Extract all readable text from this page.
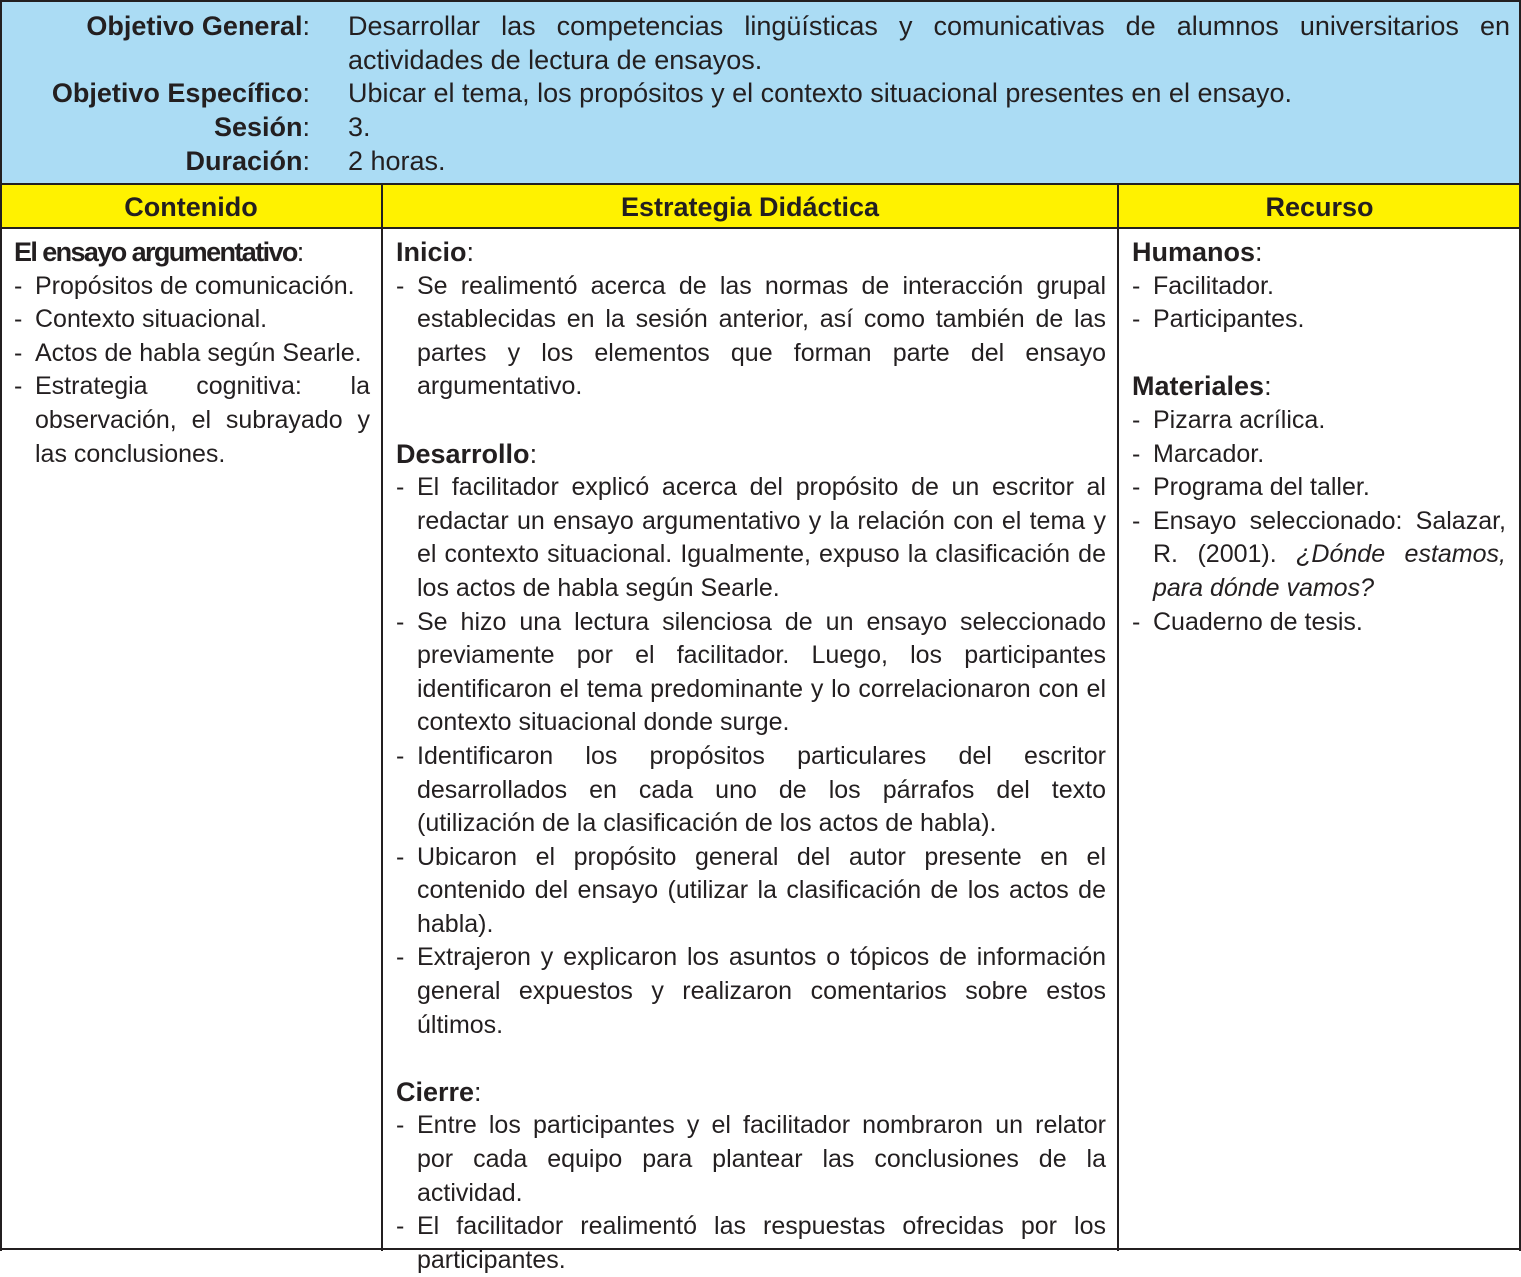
Objetivo General: Desarrollar las competencias lingüísticas y comunicativas de alumnos universitarios en actividades de lectura de ensayos.
Objetivo Específico: Ubicar el tema, los propósitos y el contexto situacional presentes en el ensayo.
Sesión: 3.
Duración: 2 horas.
Contenido	Estrategia Didáctica	Recurso
El ensayo argumentativo:
- Propósitos de comunicación.
- Contexto situacional.
- Actos de habla según Searle.
- Estrategia cognitiva: la observación, el subrayado y las conclusiones.
Inicio:
- Se realimentó acerca de las normas de interacción grupal establecidas en la sesión anterior, así como también de las partes y los elementos que forman parte del ensayo argumentativo.
Desarrollo:
- El facilitador explicó acerca del propósito de un escritor al redactar un ensayo argumentativo y la relación con el tema y el contexto situacional. Igualmente, expuso la clasificación de los actos de habla según Searle.
- Se hizo una lectura silenciosa de un ensayo seleccionado previamente por el facilitador. Luego, los participantes identificaron el tema predominante y lo correlacionaron con el contexto situacional donde surge.
- Identificaron los propósitos particulares del escritor desarrollados en cada uno de los párrafos del texto (utilización de la clasificación de los actos de habla).
- Ubicaron el propósito general del autor presente en el contenido del ensayo (utilizar la clasificación de los actos de habla).
- Extrajeron y explicaron los asuntos o tópicos de información general expuestos y realizaron comentarios sobre estos últimos.
Cierre:
- Entre los participantes y el facilitador nombraron un relator por cada equipo para plantear las conclusiones de la actividad.
- El facilitador realimentó las respuestas ofrecidas por los participantes.
Humanos:
- Facilitador.
- Participantes.
Materiales:
- Pizarra acrílica.
- Marcador.
- Programa del taller.
- Ensayo seleccionado: Salazar, R. (2001). ¿Dónde estamos, para dónde vamos?
- Cuaderno de tesis.
